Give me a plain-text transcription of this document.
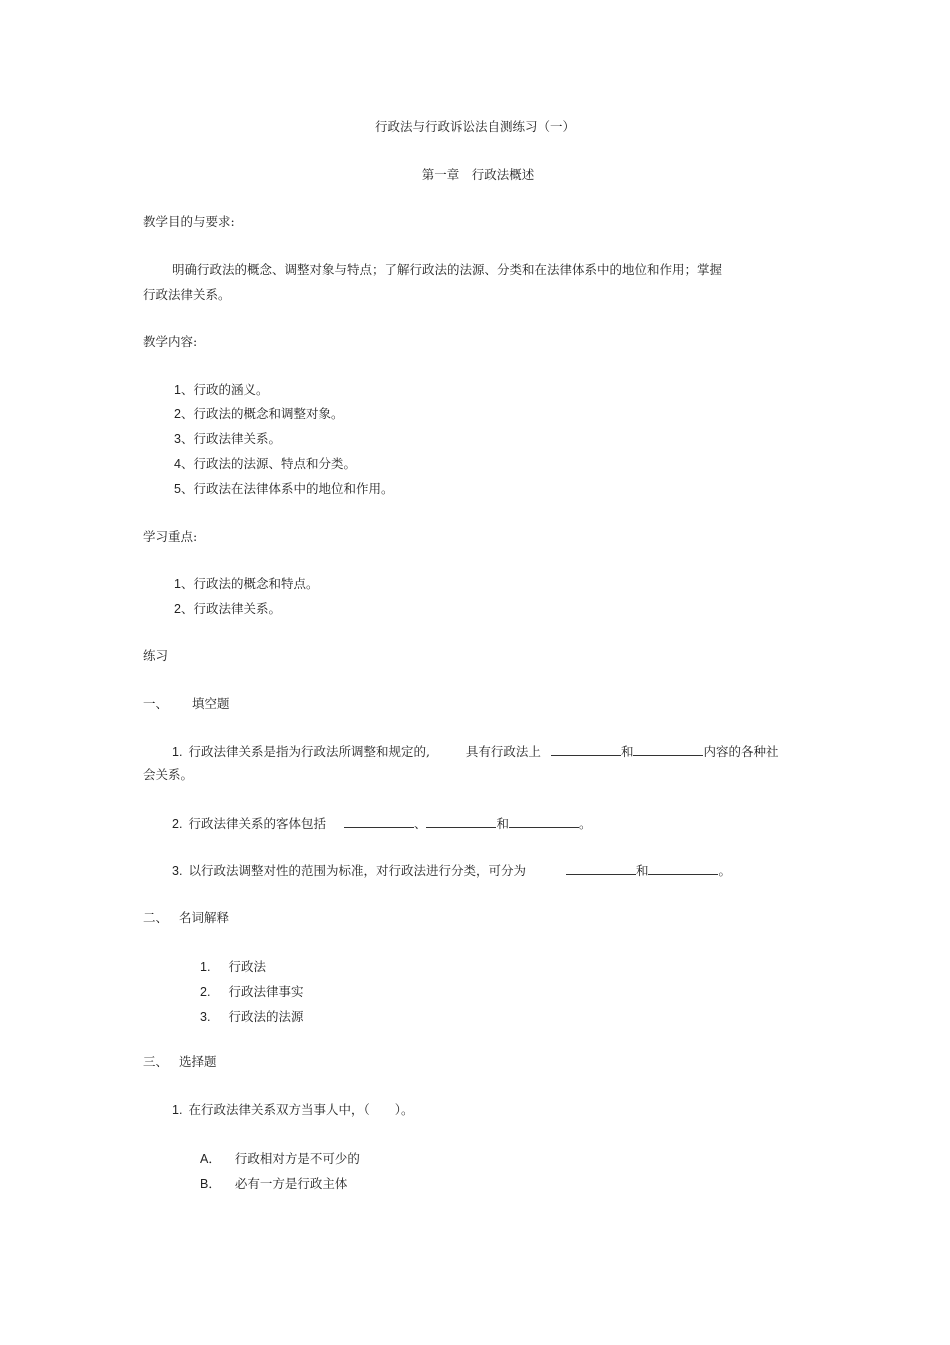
行政法与行政诉讼法自测练习（一）
第一章　行政法概述
教学目的与要求:
明确行政法的概念、调整对象与特点；了解行政法的法源、分类和在法律体系中的地位和作用；掌握
行政法律关系。
教学内容:
1、行政的涵义。
2、行政法的概念和调整对象。
3、行政法律关系。
4、行政法的法源、特点和分类。
5、行政法在法律体系中的地位和作用。
学习重点:
1、行政法的概念和特点。
2、行政法律关系。
练习
一、 填空题
1. 行政法律关系是指为行政法所调整和规定的,	具有行政法上	和	内容的各种社
会关系。
2. 行政法律关系的客体包括	、	和	。
3. 以行政法调整对性的范围为标准，对行政法进行分类，可分为	和	。
二、 名词解释
1. 行政法
2. 行政法律事实
3. 行政法的法源
三、 选择题
1. 在行政法律关系双方当事人中，（　　）。
A． 行政相对方是不可少的
B． 必有一方是行政主体
